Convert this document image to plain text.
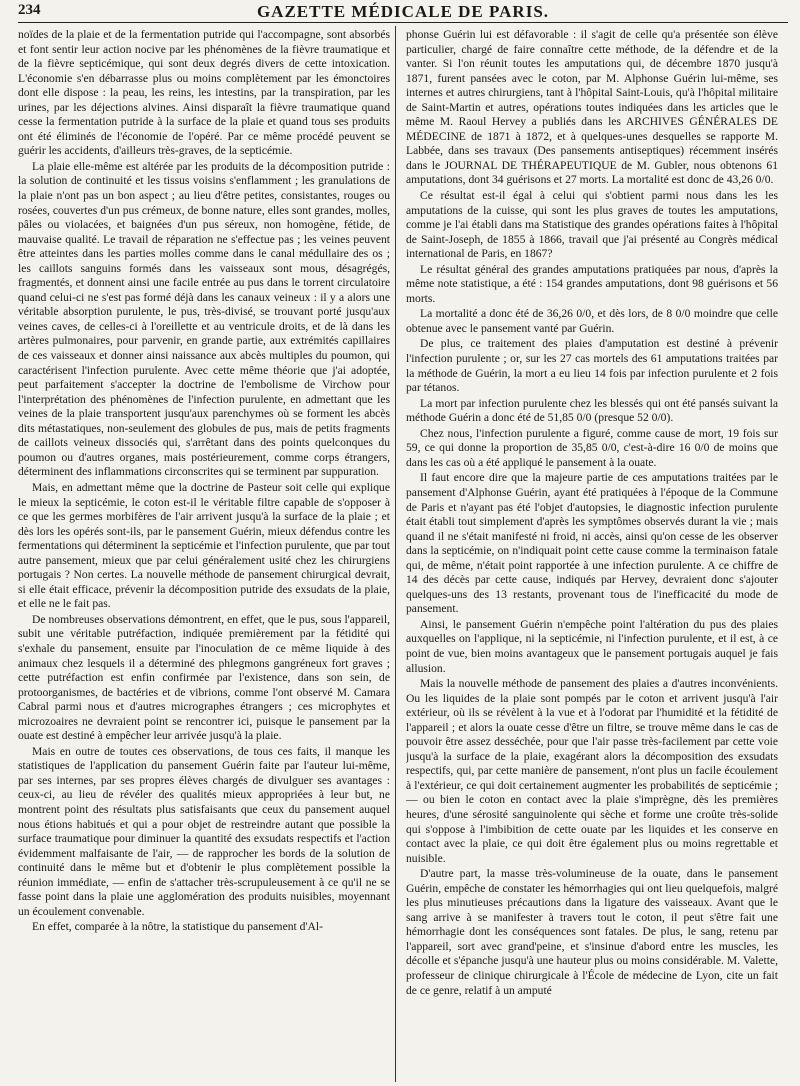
234	GAZETTE MÉDICALE DE PARIS.

noïdes de la plaie et de la fermentation putride qui l'accompagne, sont absorbés et font sentir leur action nocive par les phénomènes de la fièvre traumatique et de la fièvre septicémique, qui sont deux degrés divers de cette intoxication. L'économie s'en débarrasse plus ou moins complètement par les émonctoires dont elle dispose : la peau, les reins, les intestins, par la transpiration, par les urines, par les déjections alvines. Ainsi disparaît la fièvre traumatique quand cesse la fermentation putride à la surface de la plaie et quand tous ses produits ont été éliminés de l'économie de l'opéré. Par ce même procédé peuvent se guérir les accidents, d'ailleurs très-graves, de la septicémie.

La plaie elle-même est altérée par les produits de la décomposition putride : la solution de continuité et les tissus voisins s'enflamment ; les granulations de la plaie n'ont pas un bon aspect ; au lieu d'être petites, consistantes, rouges ou rosées, couvertes d'un pus crémeux, de bonne nature, elles sont grandes, molles, pâles ou violacées, et baignées d'un pus séreux, non homogène, fétide, de mauvaise qualité. Le travail de réparation ne s'effectue pas ; les veines peuvent être atteintes dans les parties molles comme dans le canal médullaire des os ; les caillots sanguins formés dans les vaisseaux sont mous, désagrégés, fragmentés, et donnent ainsi une facile entrée au pus dans le torrent circulatoire quand celui-ci ne s'est pas formé déjà dans les canaux veineux : il y a alors une véritable absorption purulente, le pus, très-divisé, se trouvant porté jusqu'aux veines caves, de celles-ci à l'oreillette et au ventricule droits, et de là dans les artères pulmonaires, pour parvenir, en grande partie, aux extrémités capillaires de ces vaisseaux et donner ainsi naissance aux abcès multiples du poumon, qui caractérisent l'infection purulente. Avec cette même théorie que j'ai adoptée, peut parfaitement s'accepter la doctrine de l'embolisme de Virchow pour l'interprétation des phénomènes de l'infection purulente, en admettant que les veines de la plaie transportent jusqu'aux parenchymes où se forment les abcès dits métastatiques, non-seulement des globules de pus, mais de petits fragments de caillots veineux dissociés qui, s'arrêtant dans des points quelconques du poumon ou d'autres organes, mais postérieurement, comme corps étrangers, déterminent des inflammations circonscrites qui se terminent par suppuration.

Mais, en admettant même que la doctrine de Pasteur soit celle qui explique le mieux la septicémie, le coton est-il le véritable filtre capable de s'opposer à ce que les germes morbifères de l'air arrivent jusqu'à la surface de la plaie ; et dès lors les opérés sont-ils, par le pansement Guérin, mieux défendus contre les fermentations qui déterminent la septicémie et l'infection purulente, que par tout autre pansement, mieux que par celui généralement usité chez les chirurgiens portugais ? Non certes. La nouvelle méthode de pansement chirurgical devrait, si elle était efficace, prévenir la décomposition putride des exsudats de la plaie, et elle ne le fait pas.

De nombreuses observations démontrent, en effet, que le pus, sous l'appareil, subit une véritable putréfaction, indiquée premièrement par la fétidité qui s'exhale du pansement, ensuite par l'inoculation de ce même liquide à des animaux chez lesquels il a déterminé des phlegmons gangréneux fort graves ; cette putréfaction est enfin confirmée par l'existence, dans son sein, de protoorganismes, de bactéries et de vibrions, comme l'ont observé M. Camara Cabral parmi nous et d'autres micrographes étrangers ; ces microphytes et microzoaires ne devraient point se rencontrer ici, puisque le pansement par la ouate est destiné à empêcher leur arrivée jusqu'à la plaie.

Mais en outre de toutes ces observations, de tous ces faits, il manque les statistiques de l'application du pansement Guérin faite par l'auteur lui-même, par ses internes, par ses propres élèves chargés de divulguer ses avantages : ceux-ci, au lieu de révéler des qualités mieux appropriées à leur but, ne montrent point des résultats plus satisfaisants que ceux du pansement auquel nous étions habitués et qui a pour objet de restreindre autant que possible la surface traumatique pour diminuer la quantité des exsudats respectifs et l'action évidemment malfaisante de l'air, — de rapprocher les bords de la solution de continuité dans le même but et d'obtenir le plus complètement possible la réunion immédiate, — enfin de s'attacher très-scrupuleusement à ce qu'il ne se fasse point dans la plaie une agglomération des produits nuisibles, moyennant un écoulement convenable.

En effet, comparée à la nôtre, la statistique du pansement d'Al-

phonse Guérin lui est défavorable : il s'agit de celle qu'a présentée son élève particulier, chargé de faire connaître cette méthode, de la défendre et de la vanter. Si l'on réunit toutes les amputations qui, de décembre 1870 jusqu'à 1871, furent pansées avec le coton, par M. Alphonse Guérin lui-même, ses internes et autres chirurgiens, tant à l'hôpital Saint-Louis, qu'à l'hôpital militaire de Saint-Martin et autres, opérations toutes indiquées dans les articles que le même M. Raoul Hervey a publiés dans les ARCHIVES GÉNÉRALES DE MÉDECINE de 1871 à 1872, et à quelques-unes desquelles se rapporte M. Labbée, dans ses travaux (Des pansements antiseptiques) récemment insérés dans le JOURNAL DE THÉRAPEUTIQUE de M. Gubler, nous obtenons 61 amputations, dont 34 guérisons et 27 morts. La mortalité est donc de 43,26 0/0.

Ce résultat est-il égal à celui qui s'obtient parmi nous dans les les amputations de la cuisse, qui sont les plus graves de toutes les amputations, comme je l'ai établi dans ma Statistique des grandes opérations faites à l'hôpital de Saint-Joseph, de 1855 à 1866, travail que j'ai présenté au Congrès médical international de Paris, en 1867?

Le résultat général des grandes amputations pratiquées par nous, d'après la même note statistique, a été : 154 grandes amputations, dont 98 guérisons et 56 morts.

La mortalité a donc été de 36,26 0/0, et dès lors, de 8 0/0 moindre que celle obtenue avec le pansement vanté par Guérin.

De plus, ce traitement des plaies d'amputation est destiné à prévenir l'infection purulente ; or, sur les 27 cas mortels des 61 amputations traitées par la méthode de Guérin, la mort a eu lieu 14 fois par infection purulente et 2 fois par tétanos.

La mort par infection purulente chez les blessés qui ont été pansés suivant la méthode Guérin a donc été de 51,85 0/0 (presque 52 0/0).

Chez nous, l'infection purulente a figuré, comme cause de mort, 19 fois sur 59, ce qui donne la proportion de 35,85 0/0, c'est-à-dire 16 0/0 de moins que dans les cas où a été appliqué le pansement à la ouate.

Il faut encore dire que la majeure partie de ces amputations traitées par le pansement d'Alphonse Guérin, ayant été pratiquées à l'époque de la Commune de Paris et n'ayant pas été l'objet d'autopsies, le diagnostic infection purulente était établi tout simplement d'après les symptômes observés durant la vie ; mais quand il ne s'était manifesté ni froid, ni accès, ainsi qu'on cesse de les observer dans la septicémie, on n'indiquait point cette cause comme la terminaison fatale qui, de même, n'était point rapportée à une infection purulente. A ce chiffre de 14 des décès par cette cause, indiqués par Hervey, devraient donc s'ajouter quelques-uns des 13 restants, provenant tous de l'inefficacité du mode de pansement.

Ainsi, le pansement Guérin n'empêche point l'altération du pus des plaies auxquelles on l'applique, ni la septicémie, ni l'infection purulente, et il est, à ce point de vue, bien moins avantageux que le pansement portugais auquel je fais allusion.

Mais la nouvelle méthode de pansement des plaies a d'autres inconvénients. Ou les liquides de la plaie sont pompés par le coton et arrivent jusqu'à l'air extérieur, où ils se révèlent à la vue et à l'odorat par l'humidité et la fétidité de l'appareil ; et alors la ouate cesse d'être un filtre, se trouve même dans le cas de pouvoir être assez desséchée, pour que l'air passe très-facilement par cette voie jusqu'à la surface de la plaie, exagérant alors la décomposition des exsudats respectifs, qui, par cette manière de pansement, n'ont plus un facile écoulement à l'extérieur, ce qui doit certainement augmenter les probabilités de septicémie ; — ou bien le coton en contact avec la plaie s'imprègne, dès les premières heures, d'une sérosité sanguinolente qui sèche et forme une croûte très-solide qui s'oppose à l'imbibition de cette ouate par les liquides et les conserve en contact avec la plaie, ce qui doit être également plus ou moins regrettable et nuisible.

D'autre part, la masse très-volumineuse de la ouate, dans le pansement Guérin, empêche de constater les hémorrhagies qui ont lieu quelquefois, malgré les plus minutieuses précautions dans la ligature des vaisseaux. Avant que le sang arrive à se manifester à travers tout le coton, il peut s'être fait une hémorrhagie dont les conséquences sont fatales. De plus, le sang, retenu par l'appareil, sort avec grand'peine, et s'insinue d'abord entre les muscles, les décolle et s'épanche jusqu'à une hauteur plus ou moins considérable. M. Valette, professeur de clinique chirurgicale à l'École de médecine de Lyon, cite un fait de ce genre, relatif à un amputé
